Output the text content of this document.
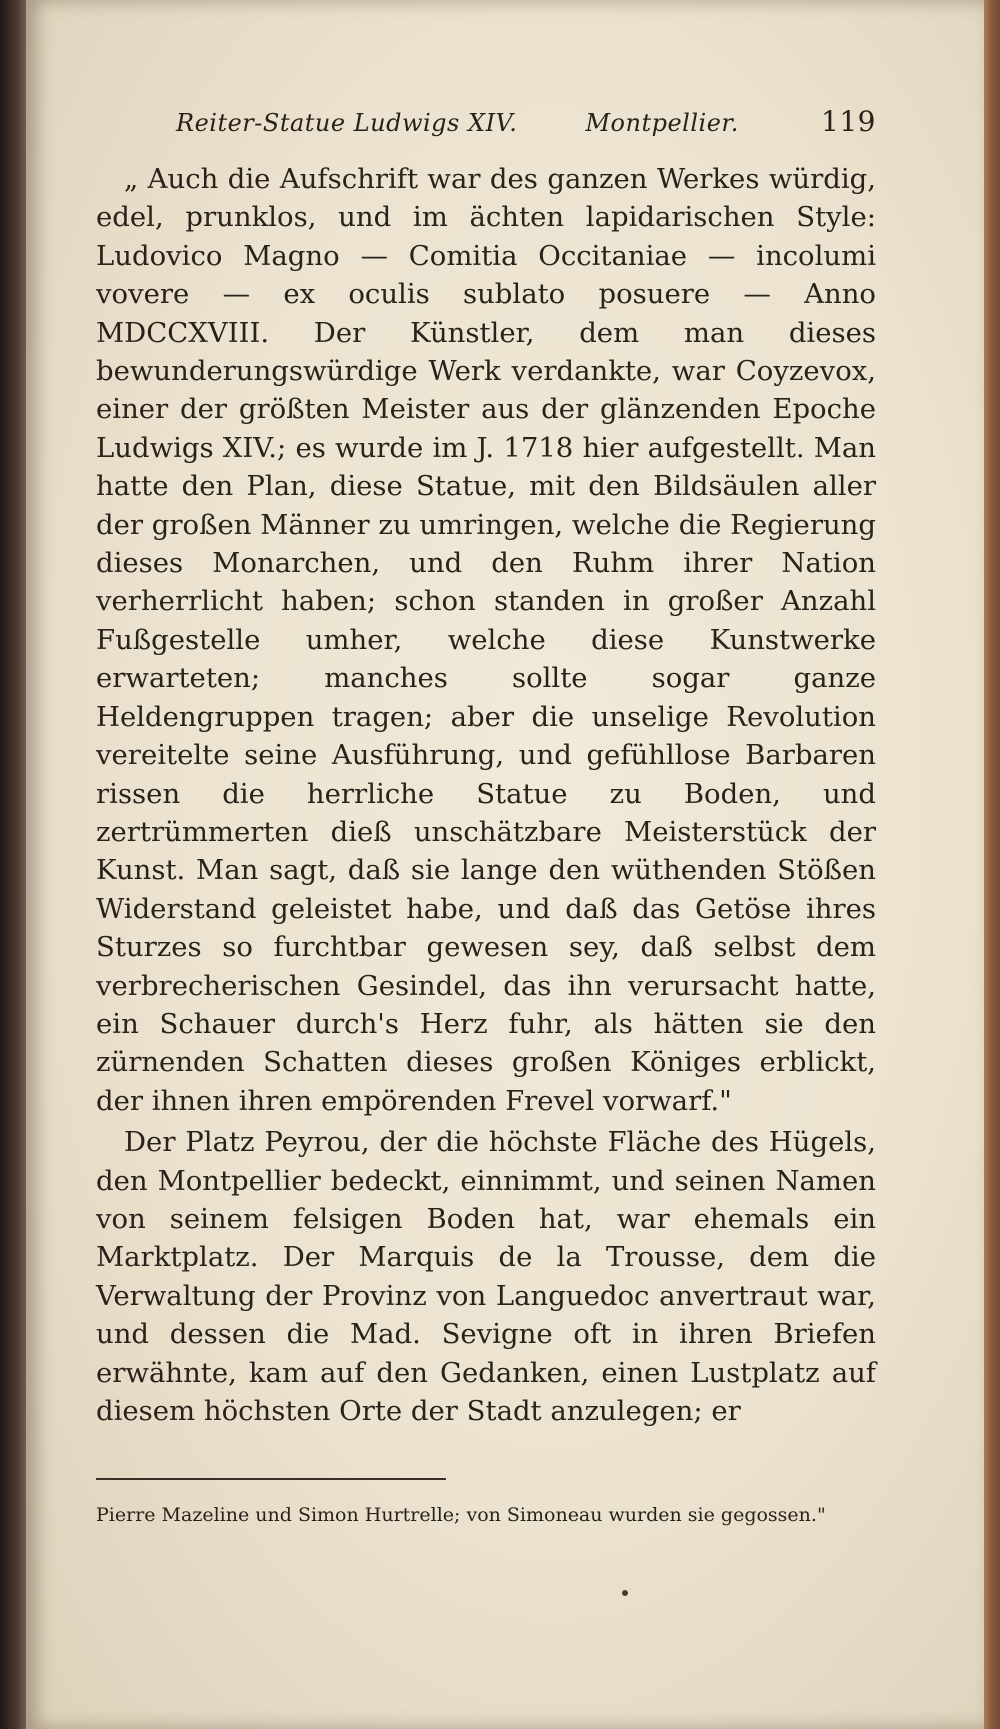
Reiter-Statue Ludwigs XIV.	Montpellier.	119

„ Auch die Aufschrift war des ganzen Werkes würdig, edel, prunklos, und im ächten lapidarischen Style: Ludovico Magno — Comitia Occitaniae — incolumi vovere — ex oculis sublato posuere — Anno MDCCXVIII. Der Künstler, dem man dieses bewunderungswürdige Werk verdankte, war Coyzevox, einer der größten Meister aus der glänzenden Epoche Ludwigs XIV.; es wurde im J. 1718 hier aufgestellt. Man hatte den Plan, diese Statue, mit den Bildsäulen aller der großen Männer zu umringen, welche die Regierung dieses Monarchen, und den Ruhm ihrer Nation verherrlicht haben; schon standen in großer Anzahl Fußgestelle umher, welche diese Kunstwerke erwarteten; manches sollte sogar ganze Heldengruppen tragen; aber die unselige Revolution vereitelte seine Ausführung, und gefühllose Barbaren rissen die herrliche Statue zu Boden, und zertrümmerten dieß unschätzbare Meisterstück der Kunst. Man sagt, daß sie lange den wüthenden Stößen Widerstand geleistet habe, und daß das Getöse ihres Sturzes so furchtbar gewesen sey, daß selbst dem verbrecherischen Gesindel, das ihn verursacht hatte, ein Schauer durch's Herz fuhr, als hätten sie den zürnenden Schatten dieses großen Königes erblickt, der ihnen ihren empörenden Frevel vorwarf."

Der Platz Peyrou, der die höchste Fläche des Hügels, den Montpellier bedeckt, einnimmt, und seinen Namen von seinem felsigen Boden hat, war ehemals ein Marktplatz. Der Marquis de la Trousse, dem die Verwaltung der Provinz von Languedoc anvertraut war, und dessen die Mad. Sevigne oft in ihren Briefen erwähnte, kam auf den Gedanken, einen Lustplatz auf diesem höchsten Orte der Stadt anzulegen; er

Pierre Mazeline und Simon Hurtrelle; von Simoneau wurden sie gegossen."
